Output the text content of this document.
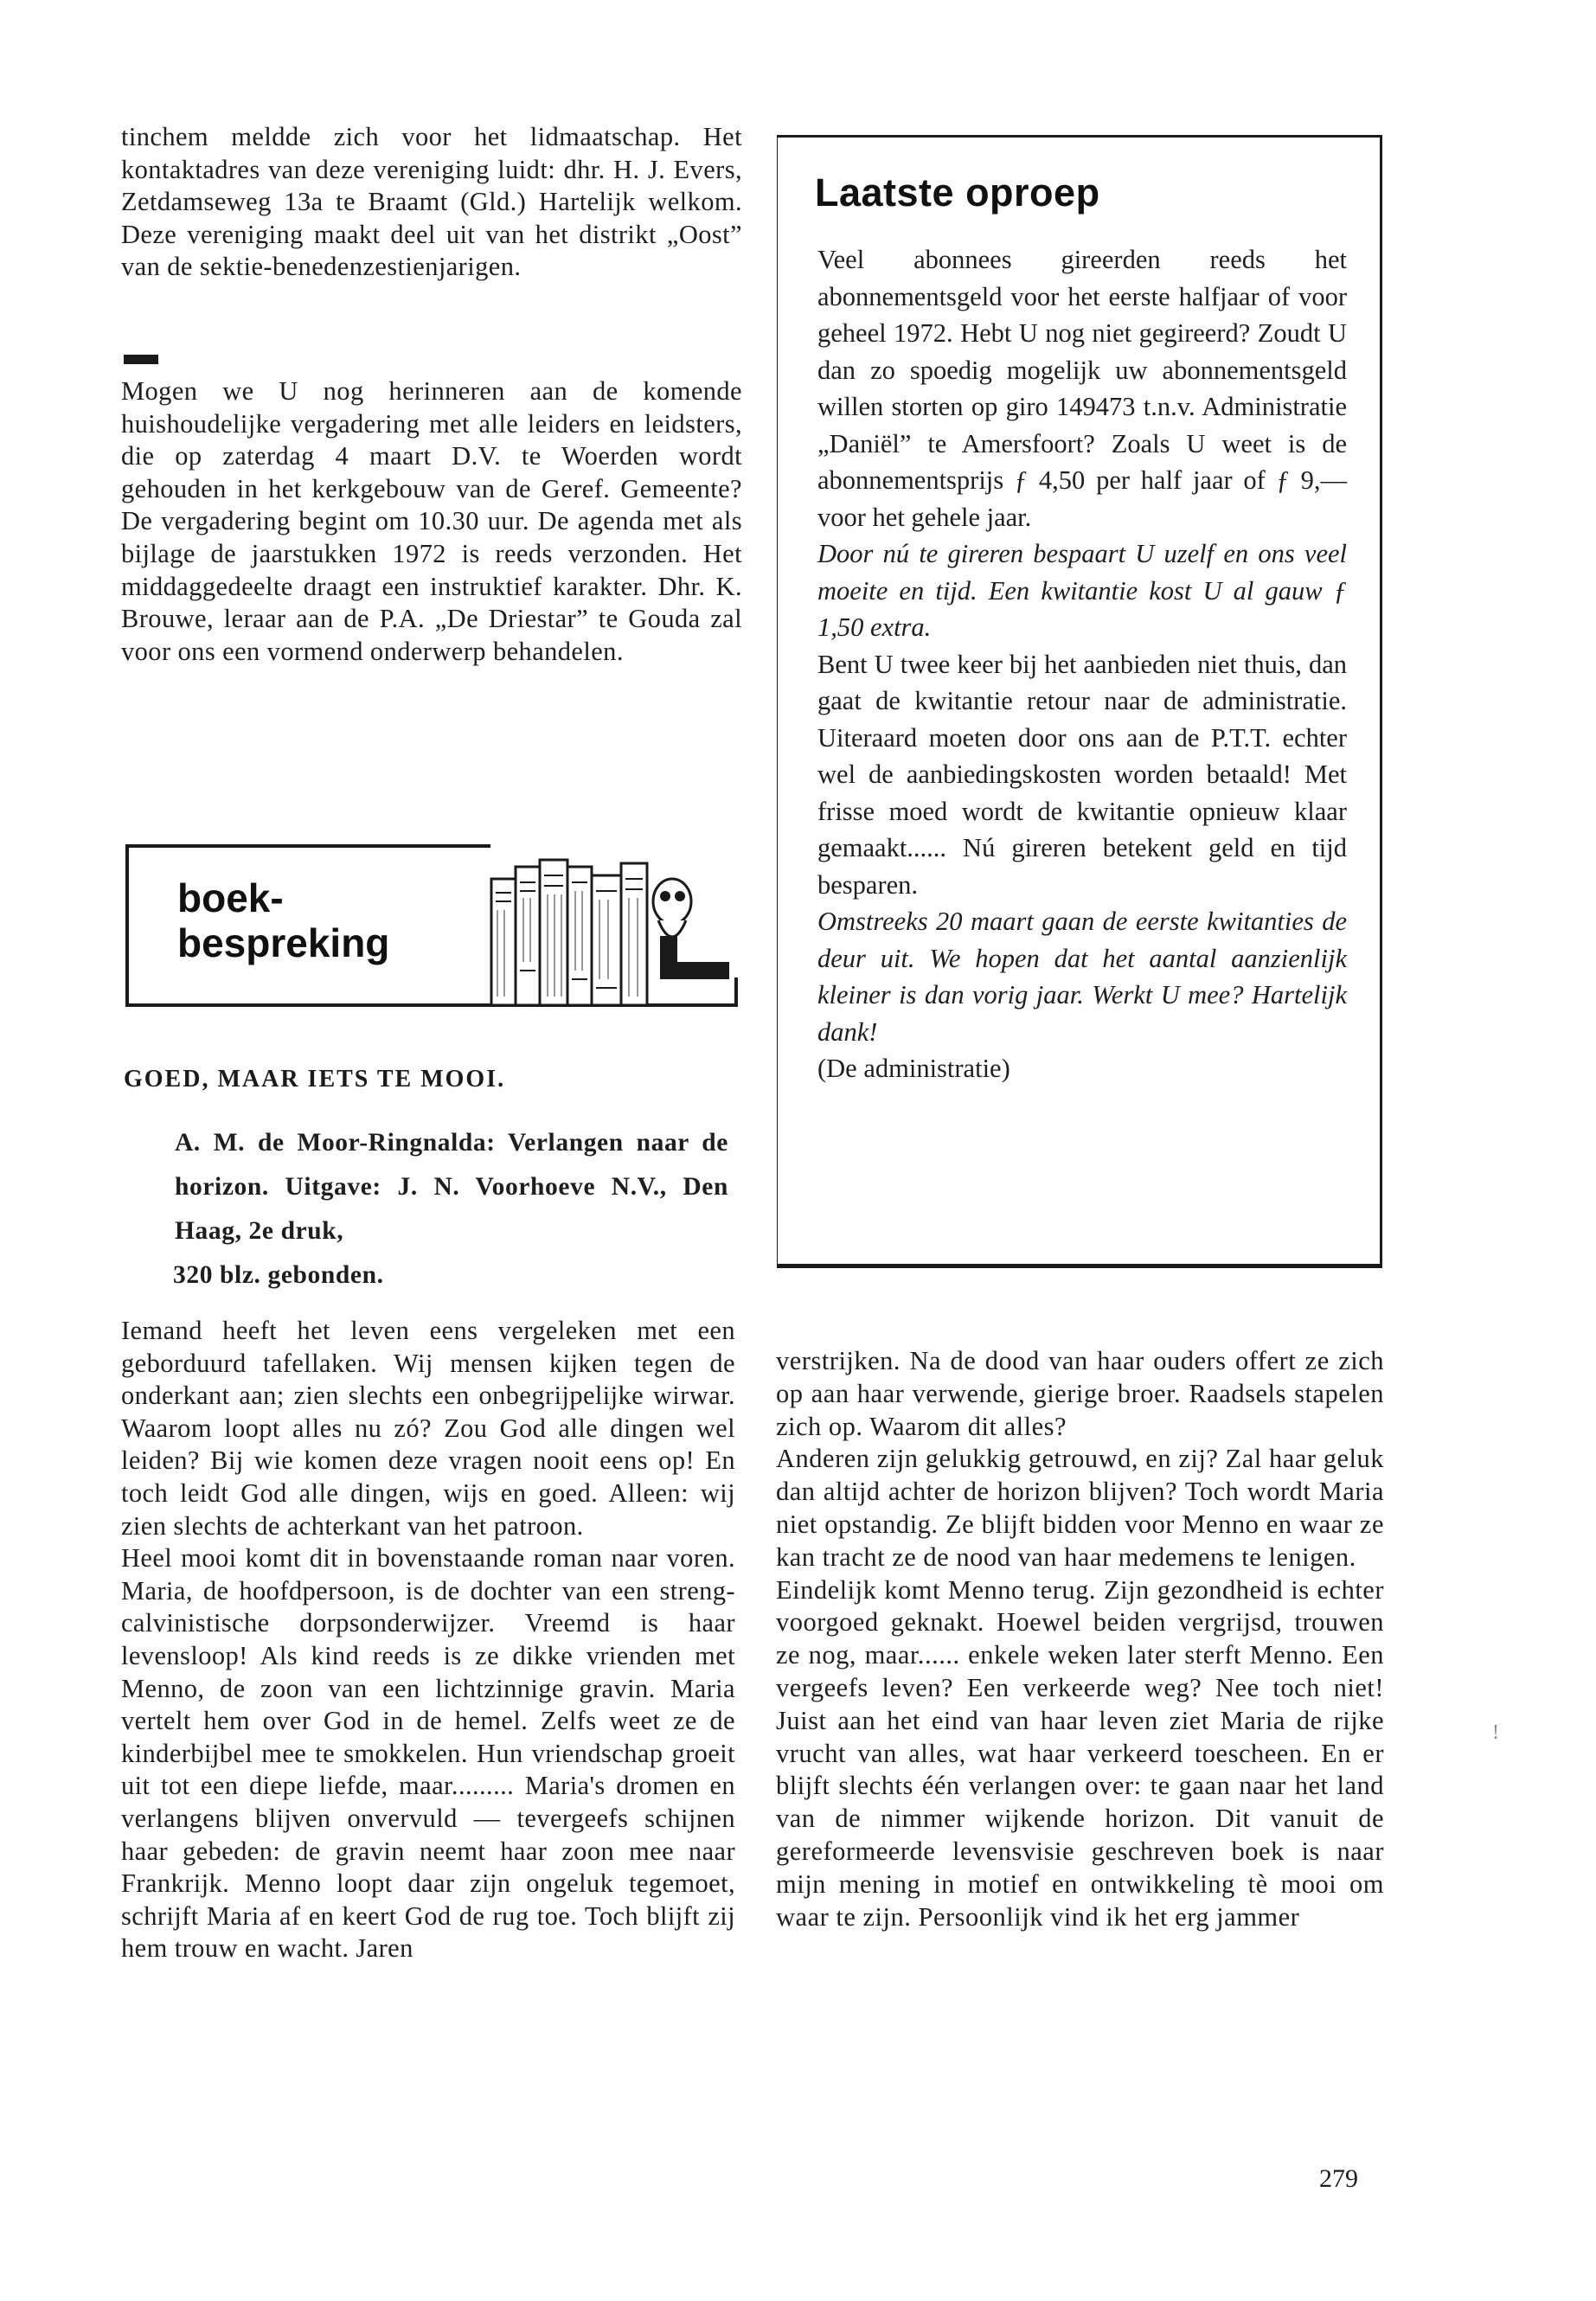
tinchem meldde zich voor het lidmaatschap. Het kontaktadres van deze vereniging luidt: dhr. H. J. Evers, Zetdamseweg 13a te Braamt (Gld.) Hartelijk welkom. Deze vereniging maakt deel uit van het distrikt „Oost” van de sektie-benedenzestienjarigen.

Mogen we U nog herinneren aan de komende huishoudelijke vergadering met alle leiders en leidsters, die op zaterdag 4 maart D.V. te Woerden wordt gehouden in het kerkgebouw van de Geref. Gemeente? De vergadering begint om 10.30 uur. De agenda met als bijlage de jaarstukken 1972 is reeds verzonden. Het middaggedeelte draagt een instruktief karakter. Dhr. K. Brouwe, leraar aan de P.A. „De Driestar” te Gouda zal voor ons een vormend onderwerp behandelen.

Laatste oproep

Veel abonnees gireerden reeds het abonnementsgeld voor het eerste halfjaar of voor geheel 1972. Hebt U nog niet gegireerd? Zoudt U dan zo spoedig mogelijk uw abonnementsgeld willen storten op giro 149473 t.n.v. Administratie „Daniël” te Amersfoort? Zoals U weet is de abonnementsprijs ƒ 4,50 per half jaar of ƒ 9,— voor het gehele jaar.

Door nú te gireren bespaart U uzelf en ons veel moeite en tijd. Een kwitantie kost U al gauw ƒ 1,50 extra.

Bent U twee keer bij het aanbieden niet thuis, dan gaat de kwitantie retour naar de administratie. Uiteraard moeten door ons aan de P.T.T. echter wel de aanbiedingskosten worden betaald! Met frisse moed wordt de kwitantie opnieuw klaar gemaakt...... Nú gireren betekent geld en tijd besparen.

Omstreeks 20 maart gaan de eerste kwitanties de deur uit. We hopen dat het aantal aanzienlijk kleiner is dan vorig jaar. Werkt U mee? Hartelijk dank!

(De administratie)

boek-

bespreking

GOED, MAAR IETS TE MOOI.

A. M. de Moor-Ringnalda: Verlangen naar de horizon. Uitgave: J. N. Voorhoeve N.V., Den Haag, 2e druk,
320 blz. gebonden.

Iemand heeft het leven eens vergeleken met een geborduurd tafellaken. Wij mensen kijken tegen de onderkant aan; zien slechts een onbegrijpelijke wirwar. Waarom loopt alles nu zó? Zou God alle dingen wel leiden? Bij wie komen deze vragen nooit eens op! En toch leidt God alle dingen, wijs en goed. Alleen: wij zien slechts de achterkant van het patroon.

Heel mooi komt dit in bovenstaande roman naar voren. Maria, de hoofdpersoon, is de dochter van een streng-calvinistische dorpsonderwijzer. Vreemd is haar levensloop! Als kind reeds is ze dikke vrienden met Menno, de zoon van een lichtzinnige gravin. Maria vertelt hem over God in de hemel. Zelfs weet ze de kinderbijbel mee te smokkelen. Hun vriendschap groeit uit tot een diepe liefde, maar......... Maria's dromen en verlangens blijven onvervuld — tevergeefs schijnen haar gebeden: de gravin neemt haar zoon mee naar Frankrijk. Menno loopt daar zijn ongeluk tegemoet, schrijft Maria af en keert God de rug toe. Toch blijft zij hem trouw en wacht. Jaren

verstrijken. Na de dood van haar ouders offert ze zich op aan haar verwende, gierige broer. Raadsels stapelen zich op. Waarom dit alles?

Anderen zijn gelukkig getrouwd, en zij? Zal haar geluk dan altijd achter de horizon blijven? Toch wordt Maria niet opstandig. Ze blijft bidden voor Menno en waar ze kan tracht ze de nood van haar medemens te lenigen.

Eindelijk komt Menno terug. Zijn gezondheid is echter voorgoed geknakt. Hoewel beiden vergrijsd, trouwen ze nog, maar...... enkele weken later sterft Menno. Een vergeefs leven? Een verkeerde weg? Nee toch niet! Juist aan het eind van haar leven ziet Maria de rijke vrucht van alles, wat haar verkeerd toescheen. En er blijft slechts één verlangen over: te gaan naar het land van de nimmer wijkende horizon. Dit vanuit de gereformeerde levensvisie geschreven boek is naar mijn mening in motief en ontwikkeling tè mooi om waar te zijn. Persoonlijk vind ik het erg jammer

!

279
